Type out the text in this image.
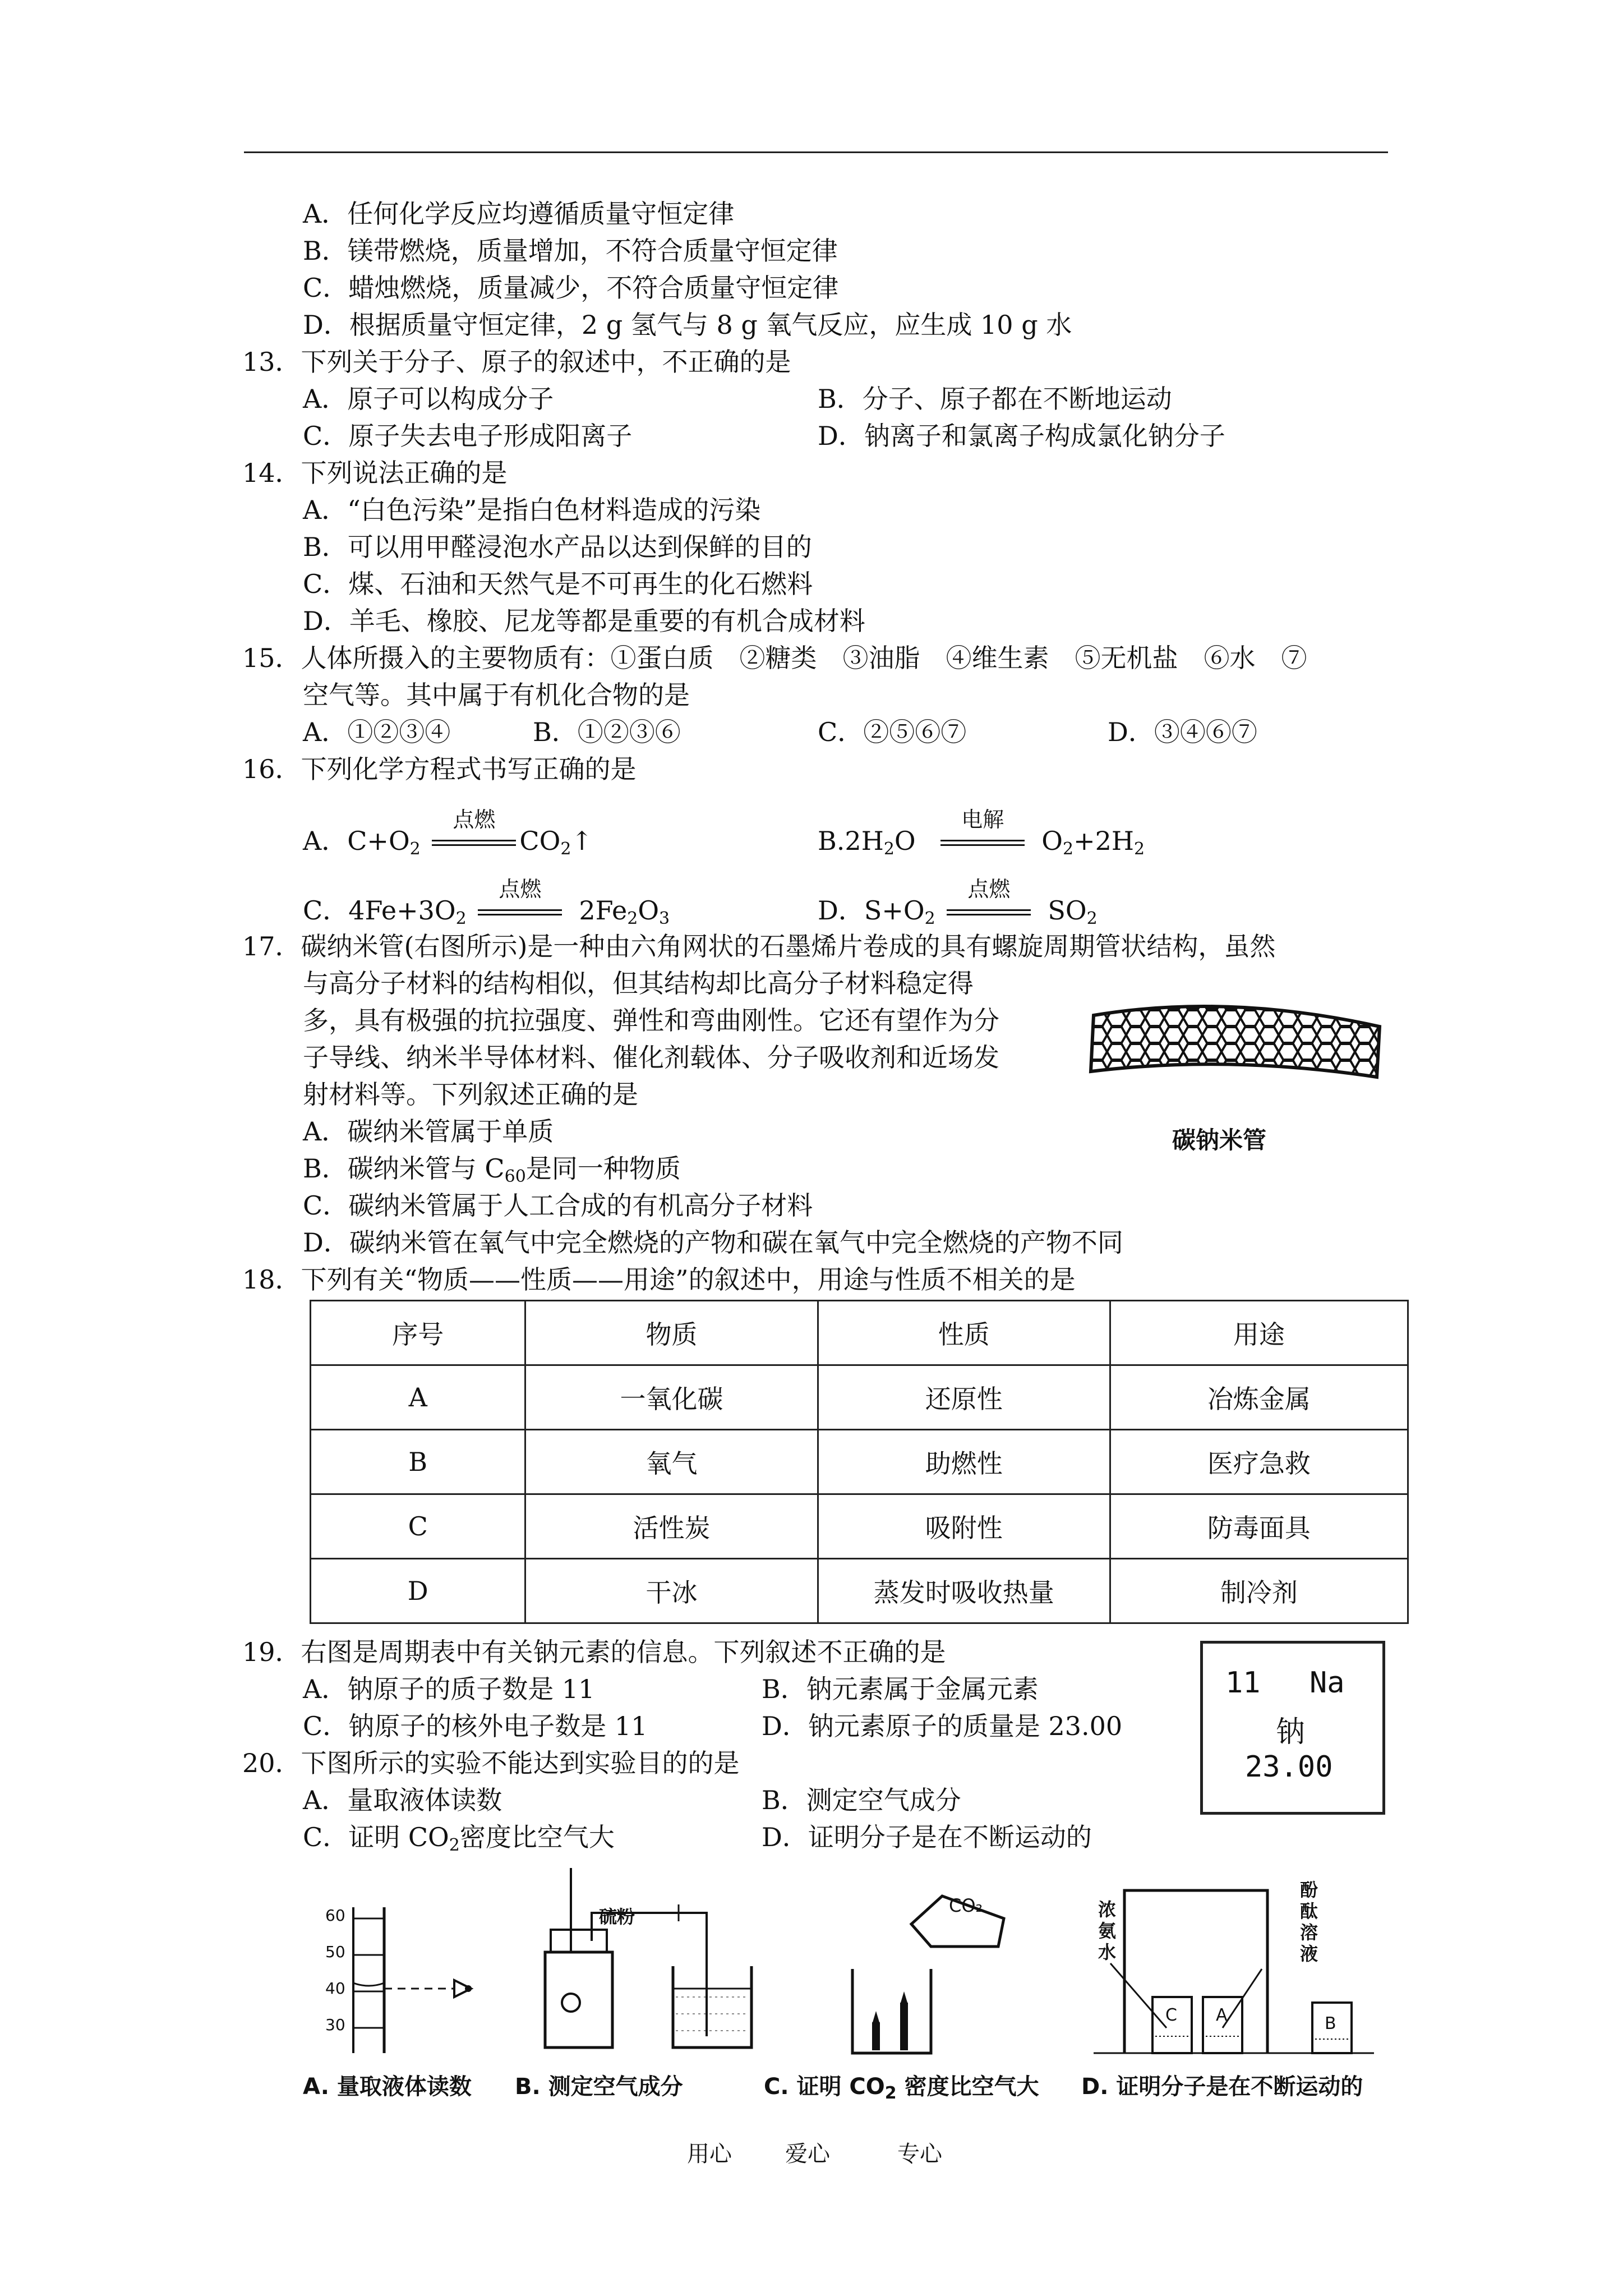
A．任何化学反应均遵循质量守恒定律
B．镁带燃烧，质量增加，不符合质量守恒定律
C．蜡烛燃烧，质量减少，不符合质量守恒定律
D．根据质量守恒定律，2 g 氢气与 8 g 氧气反应，应生成 10 g 水
13．下列关于分子、原子的叙述中，不正确的是
A．原子可以构成分子	B．分子、原子都在不断地运动
C．原子失去电子形成阳离子	D．钠离子和氯离子构成氯化钠分子
14．下列说法正确的是
A．“白色污染”是指白色材料造成的污染
B．可以用甲醛浸泡水产品以达到保鲜的目的
C．煤、石油和天然气是不可再生的化石燃料
D．羊毛、橡胶、尼龙等都是重要的有机合成材料
15．人体所摄入的主要物质有：①蛋白质　②糖类　③油脂　④维生素　⑤无机盐　⑥水　⑦
空气等。其中属于有机化合物的是
A．①②③④	B．①②③⑥	C．②⑤⑥⑦	D．③④⑥⑦
16．下列化学方程式书写正确的是
A．$C+O_2$
点燃
$CO_2↑$	$B.2H_2O$
电解
$O_2+2H_2$
C．$4Fe+3O_2$
点燃
$2Fe_2O_3$	D．$S+O_2$
点燃
$SO_2$
17．碳纳米管(右图所示)是一种由六角网状的石墨烯片卷成的具有螺旋周期管状结构，虽然
与高分子材料的结构相似，但其结构却比高分子材料稳定得
多，具有极强的抗拉强度、弹性和弯曲刚性。它还有望作为分
子导线、纳米半导体材料、催化剂载体、分子吸收剂和近场发
射材料等。下列叙述正确的是
A．碳纳米管属于单质
B．碳纳米管与 $C_{60}$是同一种物质
C．碳纳米管属于人工合成的有机高分子材料
D．碳纳米管在氧气中完全燃烧的产物和碳在氧气中完全燃烧的产物不同
碳钠米管
18．下列有关“物质——性质——用途”的叙述中，用途与性质不相关的是
序号	物质	性质	用途
A	一氧化碳	还原性	冶炼金属
B	氧气	助燃性	医疗急救
C	活性炭	吸附性	防毒面具
D	干冰	蒸发时吸收热量	制冷剂
19．右图是周期表中有关钠元素的信息。下列叙述不正确的是
A．钠原子的质子数是 11	B．钠元素属于金属元素
C．钠原子的核外电子数是 11	D．钠元素原子的质量是 23.00
11 Na
钠
23.00
20．下图所示的实验不能达到实验目的的是
A．量取液体读数	B．测定空气成分
C．证明 $CO_2$密度比空气大	D．证明分子是在不断运动的
60
50
40
30
硫粉
CO₂	浓氨水
酚酞溶液
C A	B
A. 量取液体读数 B. 测定空气成分	C. 证明 $CO_2$ 密度比空气大 D. 证明分子是在不断运动的
用心 爱心	专心
